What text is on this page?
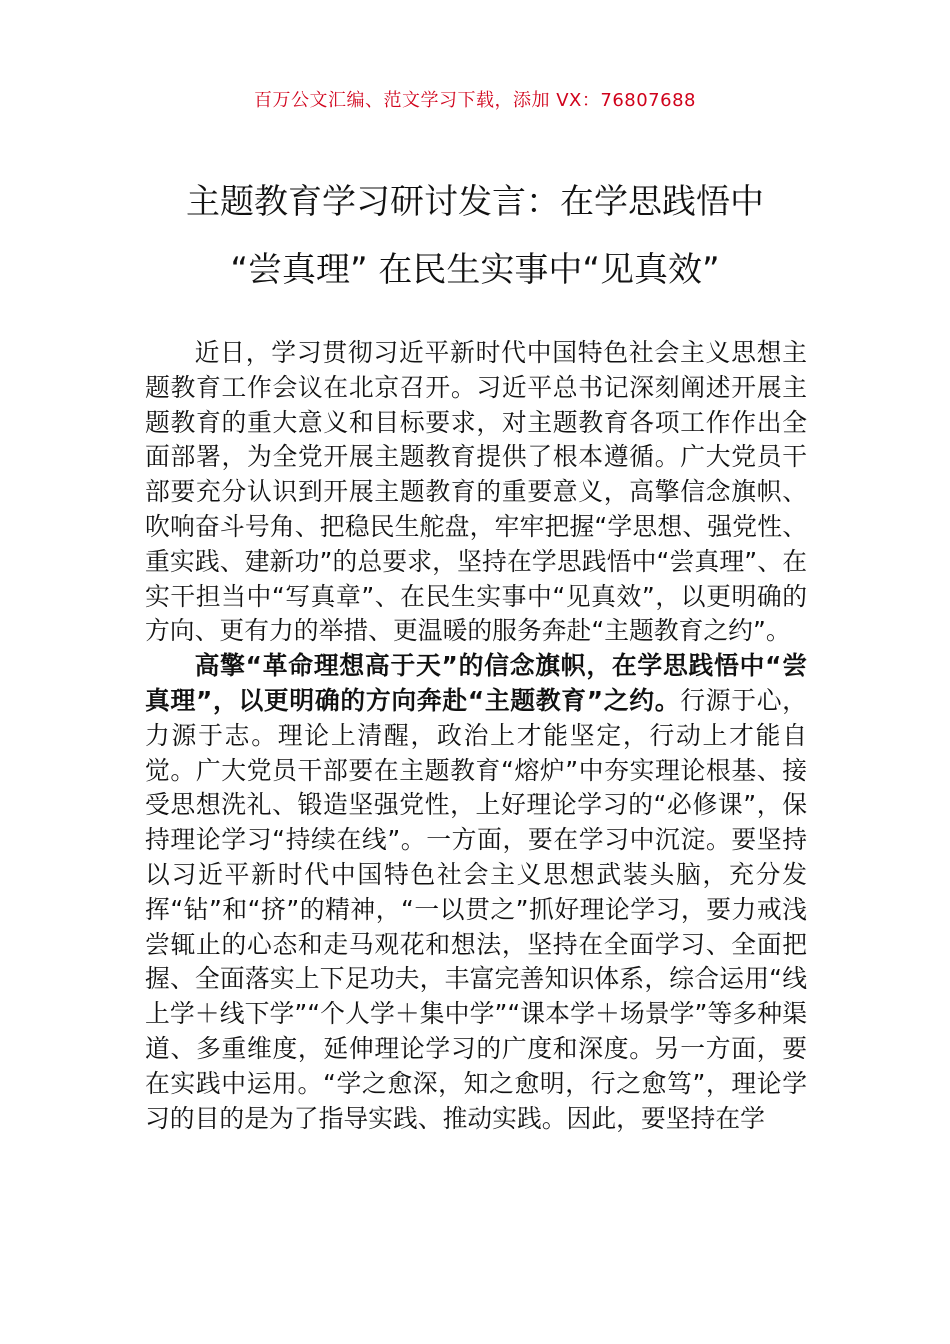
百万公文汇编、范文学习下载，添加 VX：76807688
主题教育学习研讨发言：在学思践悟中
“尝真理” 在民生实事中“见真效”

近日，学习贯彻习近平新时代中国特色社会主义思想主题教育工作会议在北京召开。习近平总书记深刻阐述开展主题教育的重大意义和目标要求，对主题教育各项工作作出全面部署，为全党开展主题教育提供了根本遵循。广大党员干部要充分认识到开展主题教育的重要意义，高擎信念旗帜、吹响奋斗号角、把稳民生舵盘，牢牢把握“学思想、强党性、重实践、建新功”的总要求，坚持在学思践悟中“尝真理”、在实干担当中“写真章”、在民生实事中“见真效”，以更明确的方向、更有力的举措、更温暖的服务奔赴“主题教育之约”。

高擎“革命理想高于天”的信念旗帜，在学思践悟中“尝真理”，以更明确的方向奔赴“主题教育”之约。行源于心，力源于志。理论上清醒，政治上才能坚定，行动上才能自觉。广大党员干部要在主题教育“熔炉”中夯实理论根基、接受思想洗礼、锻造坚强党性，上好理论学习的“必修课”，保持理论学习“持续在线”。一方面，要在学习中沉淀。要坚持以习近平新时代中国特色社会主义思想武装头脑，充分发挥“钻”和“挤”的精神，“一以贯之”抓好理论学习，要力戒浅尝辄止的心态和走马观花和想法，坚持在全面学习、全面把握、全面落实上下足功夫，丰富完善知识体系，综合运用“线上学＋线下学”“个人学＋集中学”“课本学＋场景学”等多种渠道、多重维度，延伸理论学习的广度和深度。另一方面，要在实践中运用。“学之愈深，知之愈明，行之愈笃”，理论学习的目的是为了指导实践、推动实践。因此，要坚持在学
